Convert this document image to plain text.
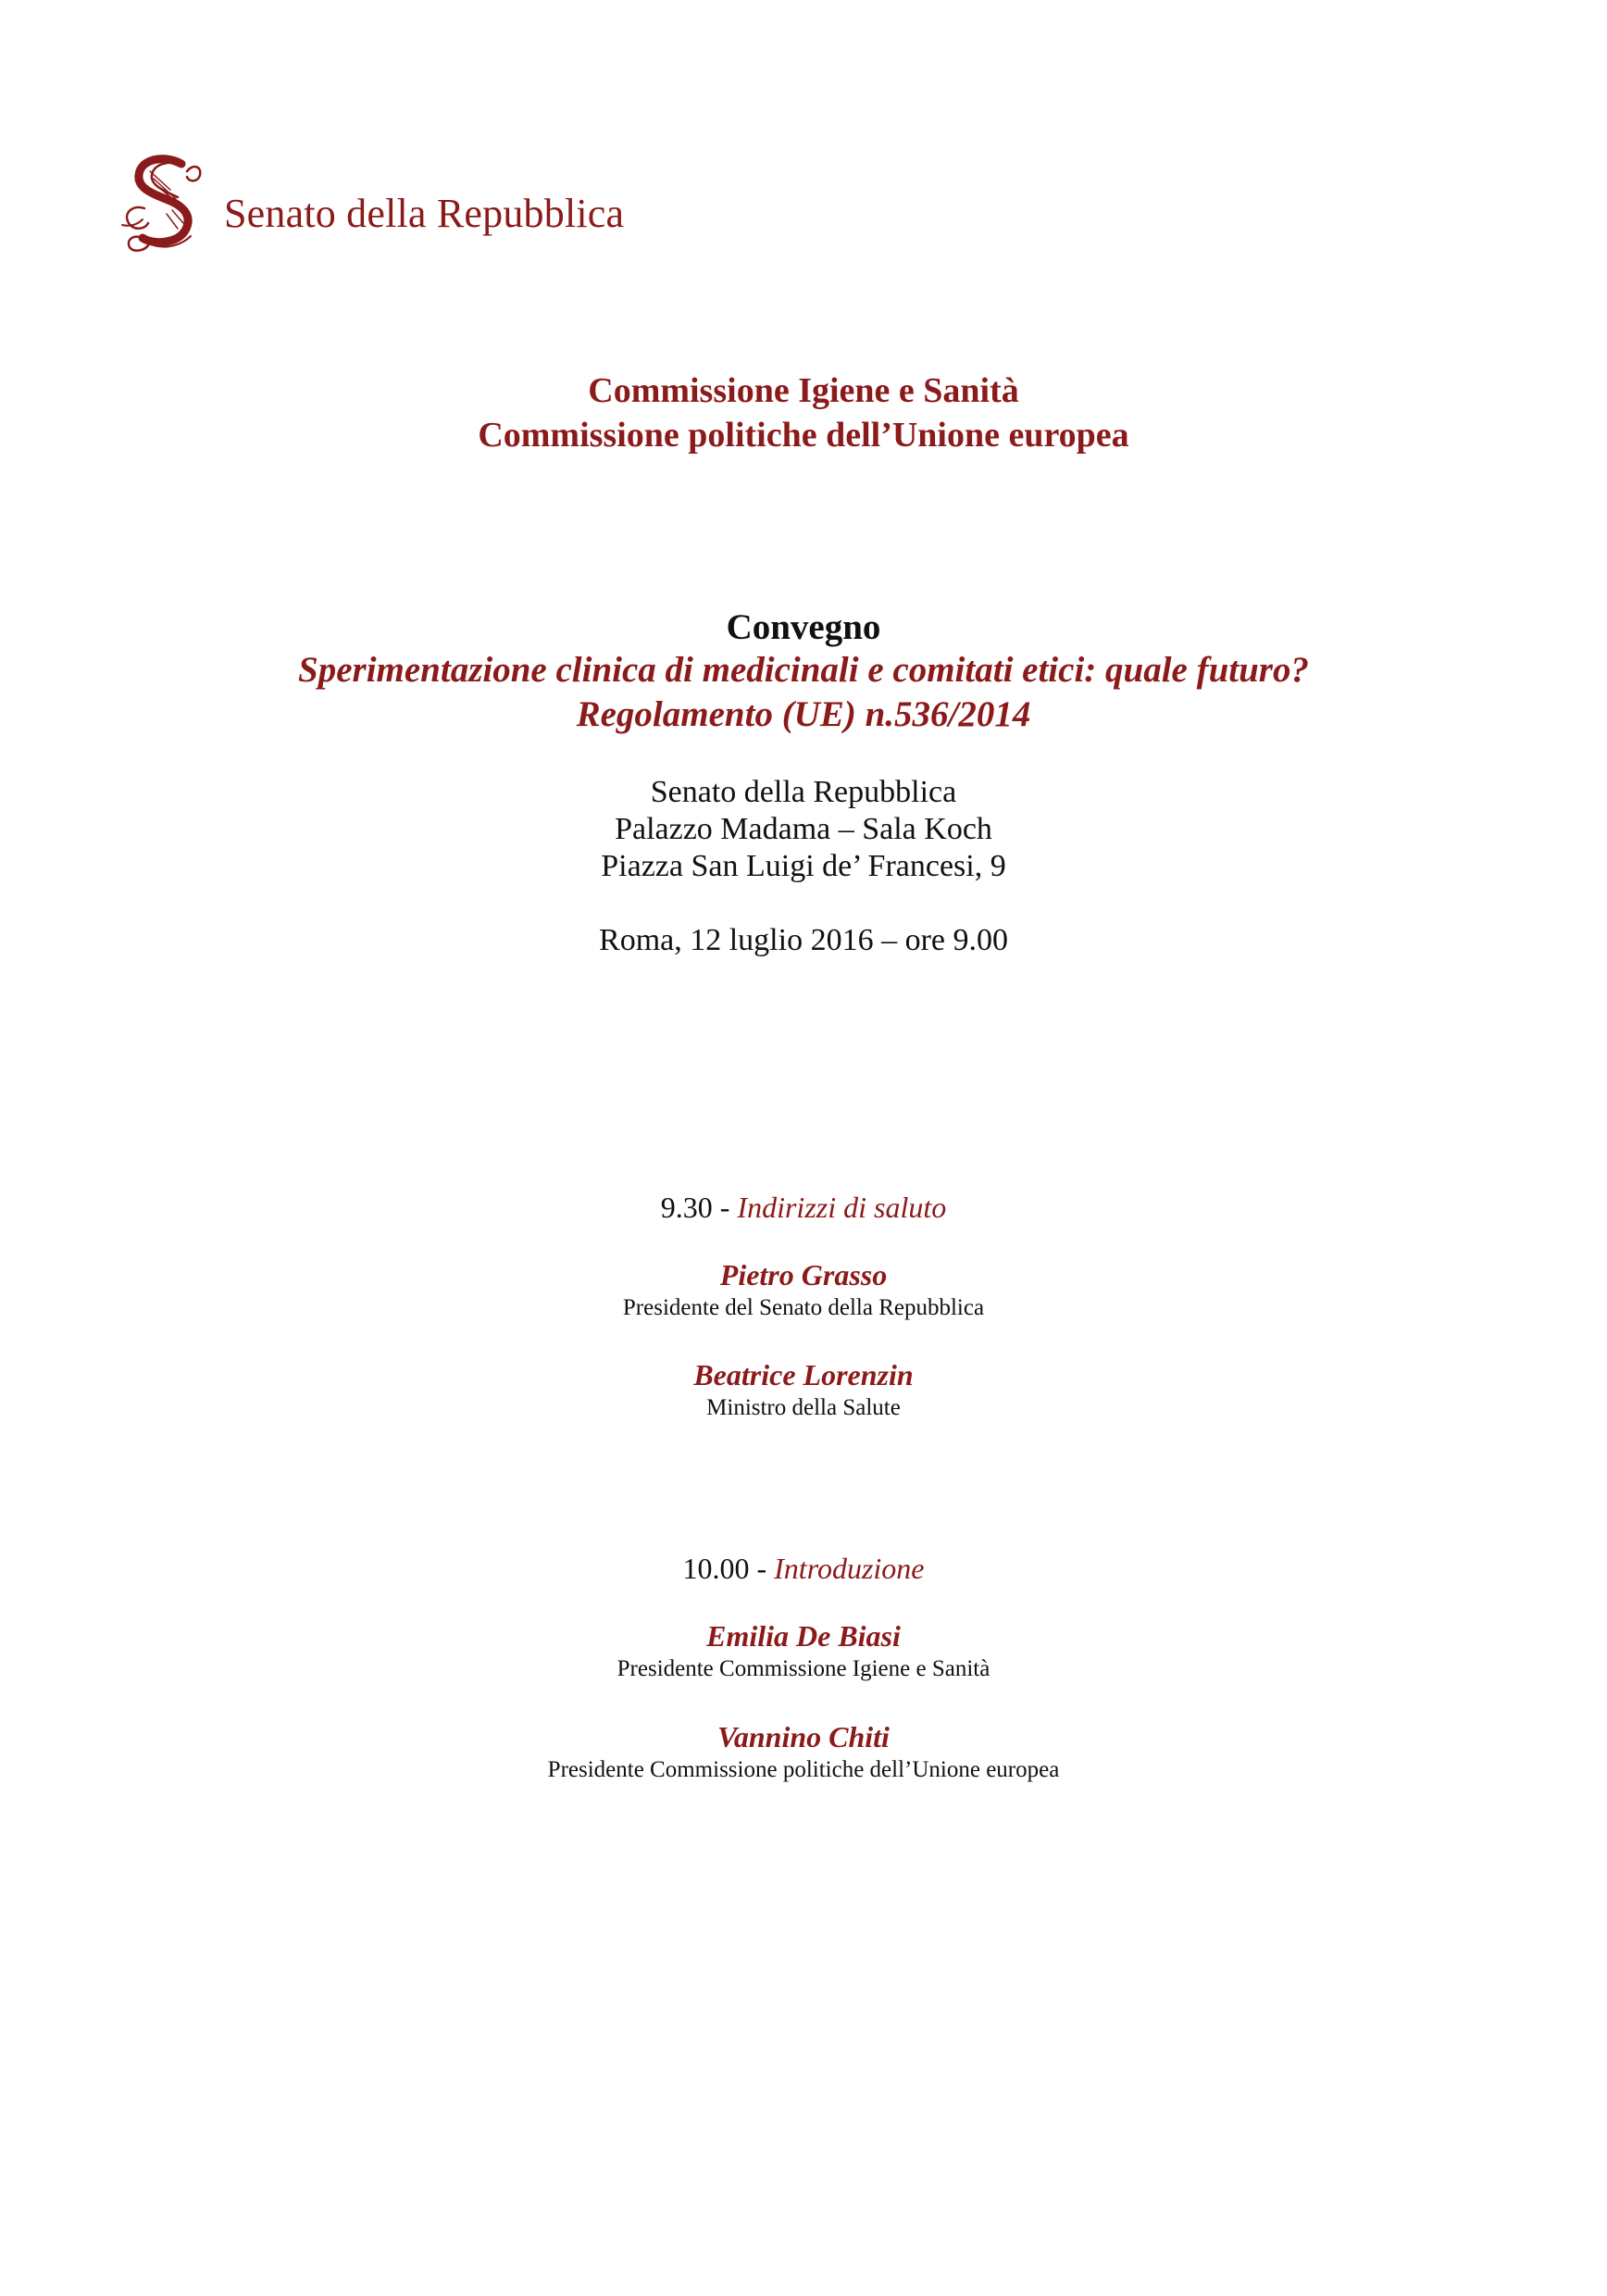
Senato della Repubblica
Commissione Igiene e Sanità
Commissione politiche dell’Unione europea
Convegno
Sperimentazione clinica di medicinali e comitati etici: quale futuro?
Regolamento (UE) n.536/2014
Senato della Repubblica
Palazzo Madama – Sala Koch
Piazza San Luigi de’ Francesi, 9
Roma, 12 luglio 2016 – ore 9.00
9.30 - Indirizzi di saluto
Pietro Grasso
Presidente del Senato della Repubblica
Beatrice Lorenzin
Ministro della Salute
10.00 - Introduzione
Emilia De Biasi
Presidente Commissione Igiene e Sanità
Vannino Chiti
Presidente Commissione politiche dell’Unione europea
